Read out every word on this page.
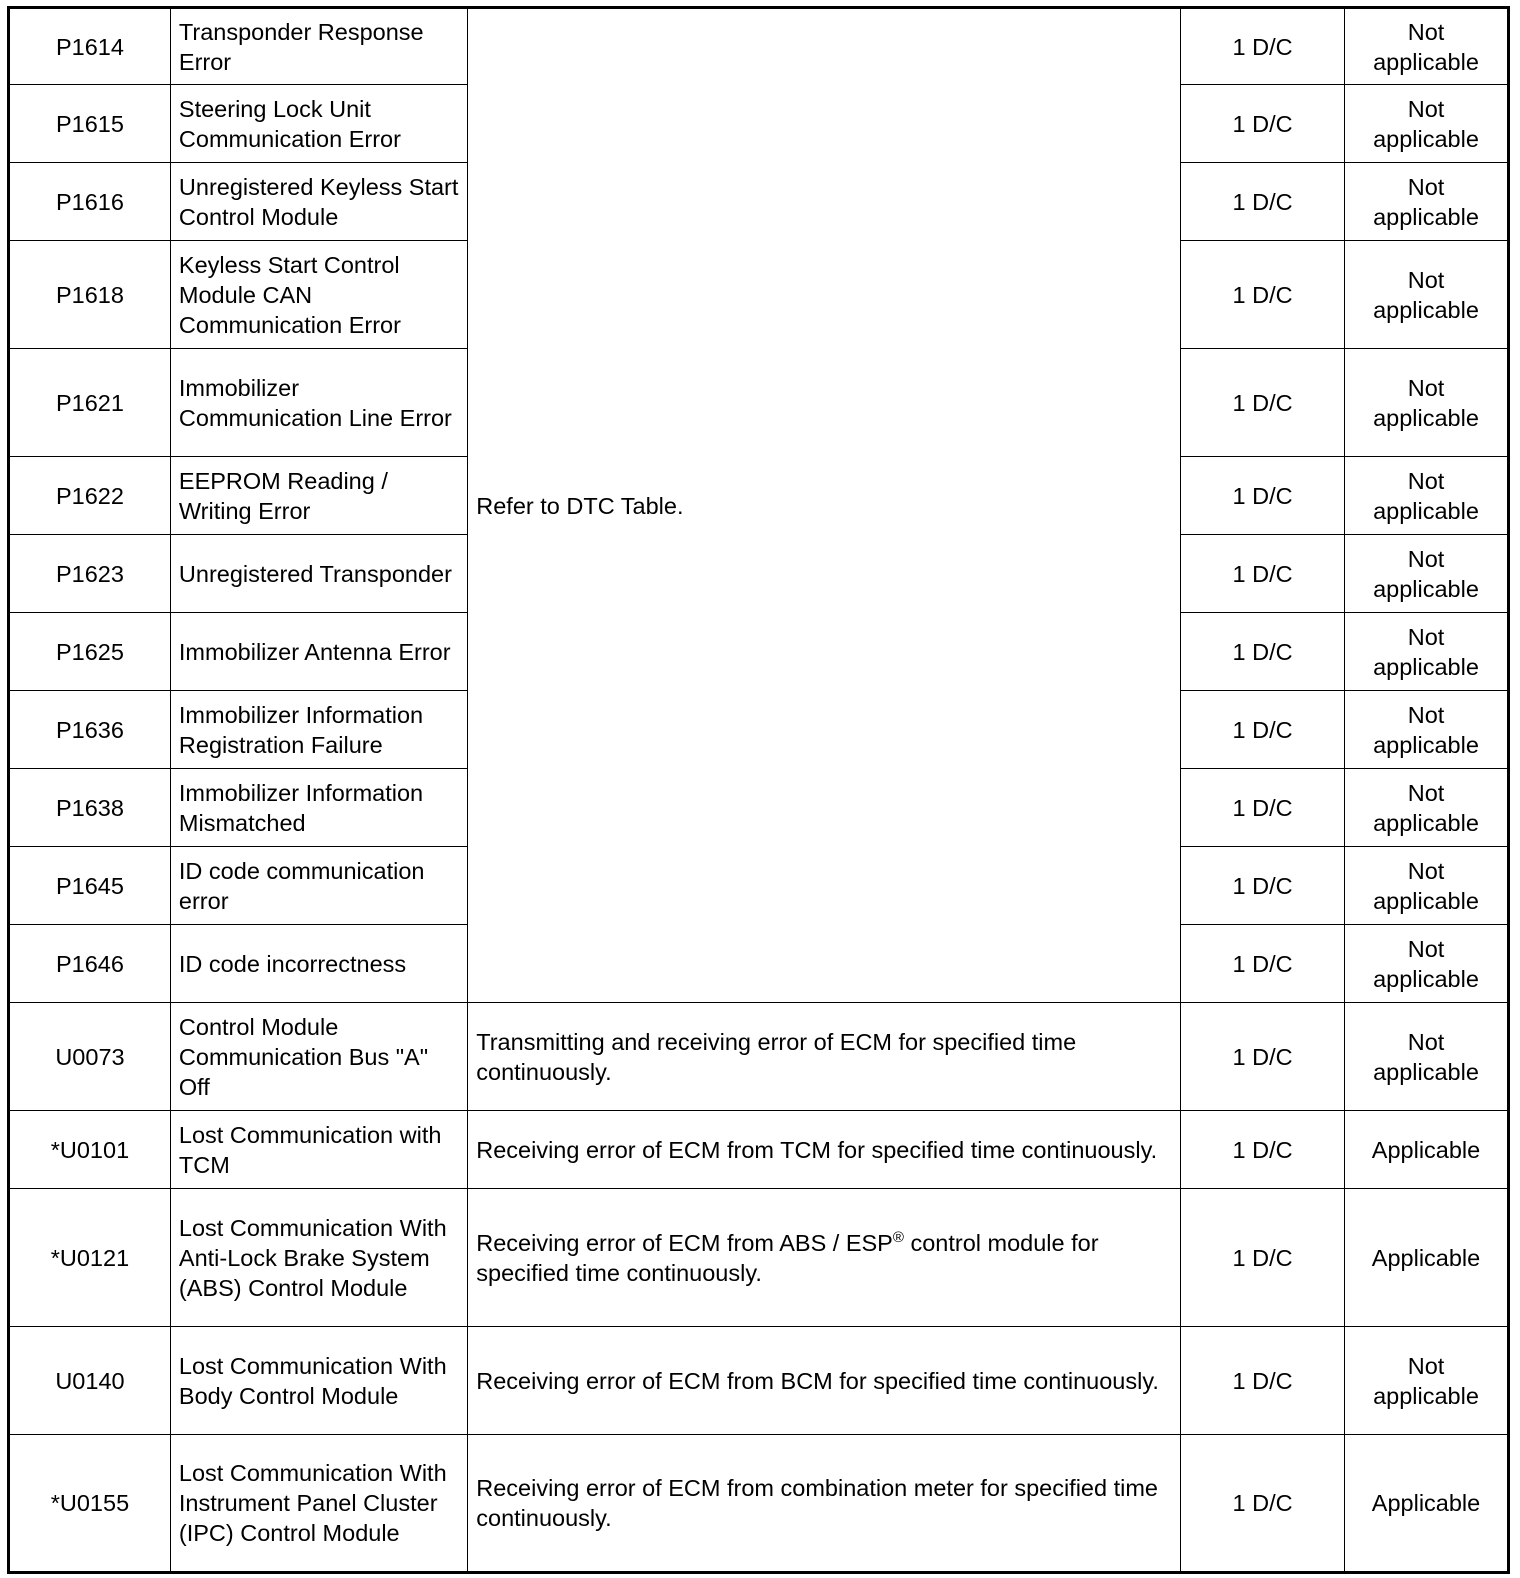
P1614	Transponder Response Error	Refer to DTC Table.	1 D/C	Not applicable
P1615	Steering Lock Unit Communication Error		1 D/C	Not applicable
P1616	Unregistered Keyless Start Control Module		1 D/C	Not applicable
P1618	Keyless Start Control Module CAN Communication Error		1 D/C	Not applicable
P1621	Immobilizer Communication Line Error		1 D/C	Not applicable
P1622	EEPROM Reading / Writing Error		1 D/C	Not applicable
P1623	Unregistered Transponder		1 D/C	Not applicable
P1625	Immobilizer Antenna Error		1 D/C	Not applicable
P1636	Immobilizer Information Registration Failure		1 D/C	Not applicable
P1638	Immobilizer Information Mismatched		1 D/C	Not applicable
P1645	ID code communication error		1 D/C	Not applicable
P1646	ID code incorrectness		1 D/C	Not applicable
U0073	Control Module Communication Bus "A" Off	Transmitting and receiving error of ECM for specified time continuously.	1 D/C	Not applicable
*U0101	Lost Communication with TCM	Receiving error of ECM from TCM for specified time continuously.	1 D/C	Applicable
*U0121	Lost Communication With Anti-Lock Brake System (ABS) Control Module	Receiving error of ECM from ABS / ESP® control module for specified time continuously.	1 D/C	Applicable
U0140	Lost Communication With Body Control Module	Receiving error of ECM from BCM for specified time continuously.	1 D/C	Not applicable
*U0155	Lost Communication With Instrument Panel Cluster (IPC) Control Module	Receiving error of ECM from combination meter for specified time continuously.	1 D/C	Applicable
